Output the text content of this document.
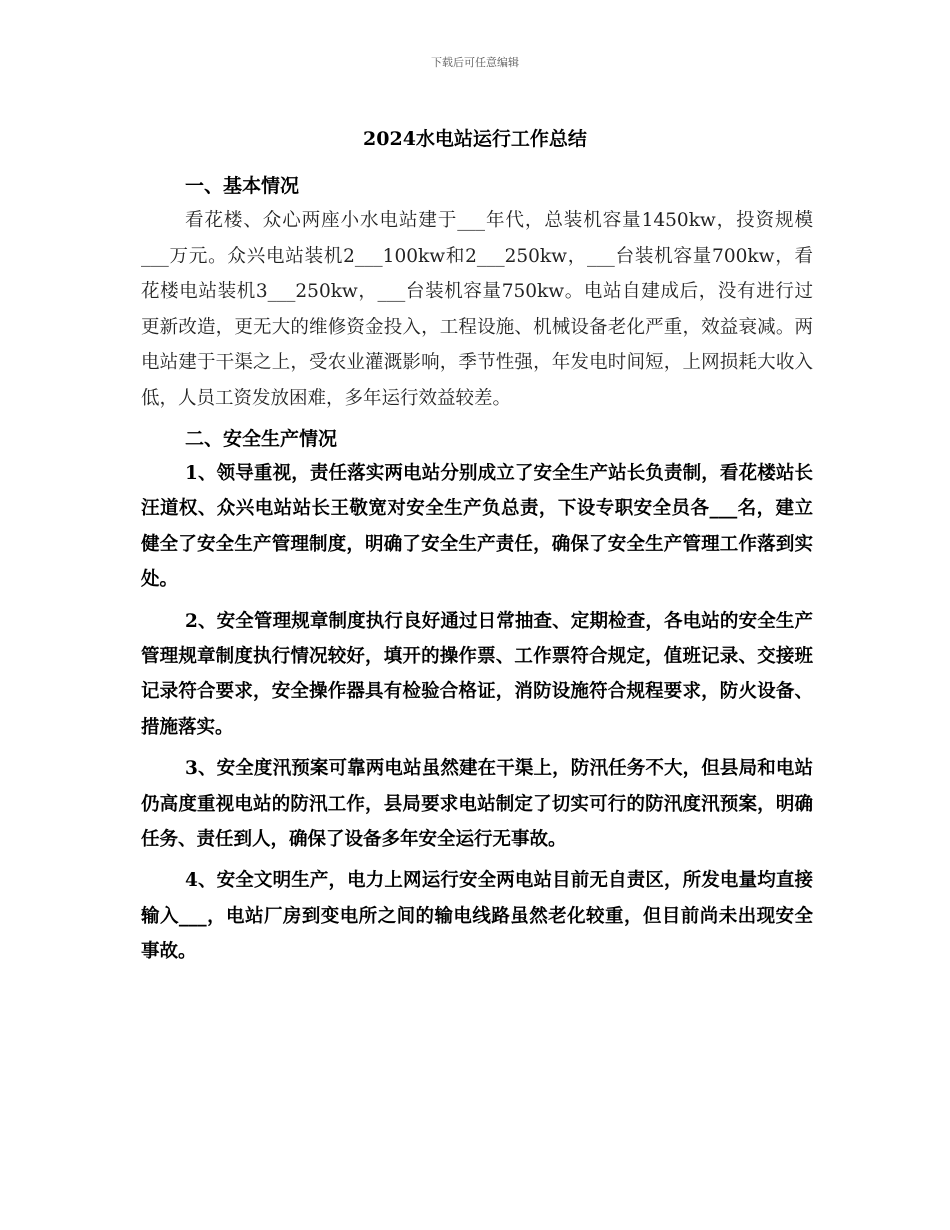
下载后可任意编辑
2024水电站运行工作总结
一、基本情况

看花楼、众心两座小水电站建于___年代，总装机容量1450kw，投资规模___万元。众兴电站装机2___100kw和2___250kw，___台装机容量700kw，看花楼电站装机3___250kw，___台装机容量750kw。电站自建成后，没有进行过更新改造，更无大的维修资金投入，工程设施、机械设备老化严重，效益衰减。两电站建于干渠之上，受农业灌溉影响，季节性强，年发电时间短，上网损耗大收入低，人员工资发放困难，多年运行效益较差。

二、安全生产情况

1、领导重视，责任落实两电站分别成立了安全生产站长负责制，看花楼站长汪道权、众兴电站站长王敬宽对安全生产负总责，下设专职安全员各___名，建立健全了安全生产管理制度，明确了安全生产责任，确保了安全生产管理工作落到实处。

2、安全管理规章制度执行良好通过日常抽查、定期检查，各电站的安全生产管理规章制度执行情况较好，填开的操作票、工作票符合规定，值班记录、交接班记录符合要求，安全操作器具有检验合格证，消防设施符合规程要求，防火设备、措施落实。

3、安全度汛预案可靠两电站虽然建在干渠上，防汛任务不大，但县局和电站仍高度重视电站的防汛工作，县局要求电站制定了切实可行的防汛度汛预案，明确任务、责任到人，确保了设备多年安全运行无事故。

4、安全文明生产，电力上网运行安全两电站目前无自责区，所发电量均直接输入___，电站厂房到变电所之间的输电线路虽然老化较重，但目前尚未出现安全事故。
